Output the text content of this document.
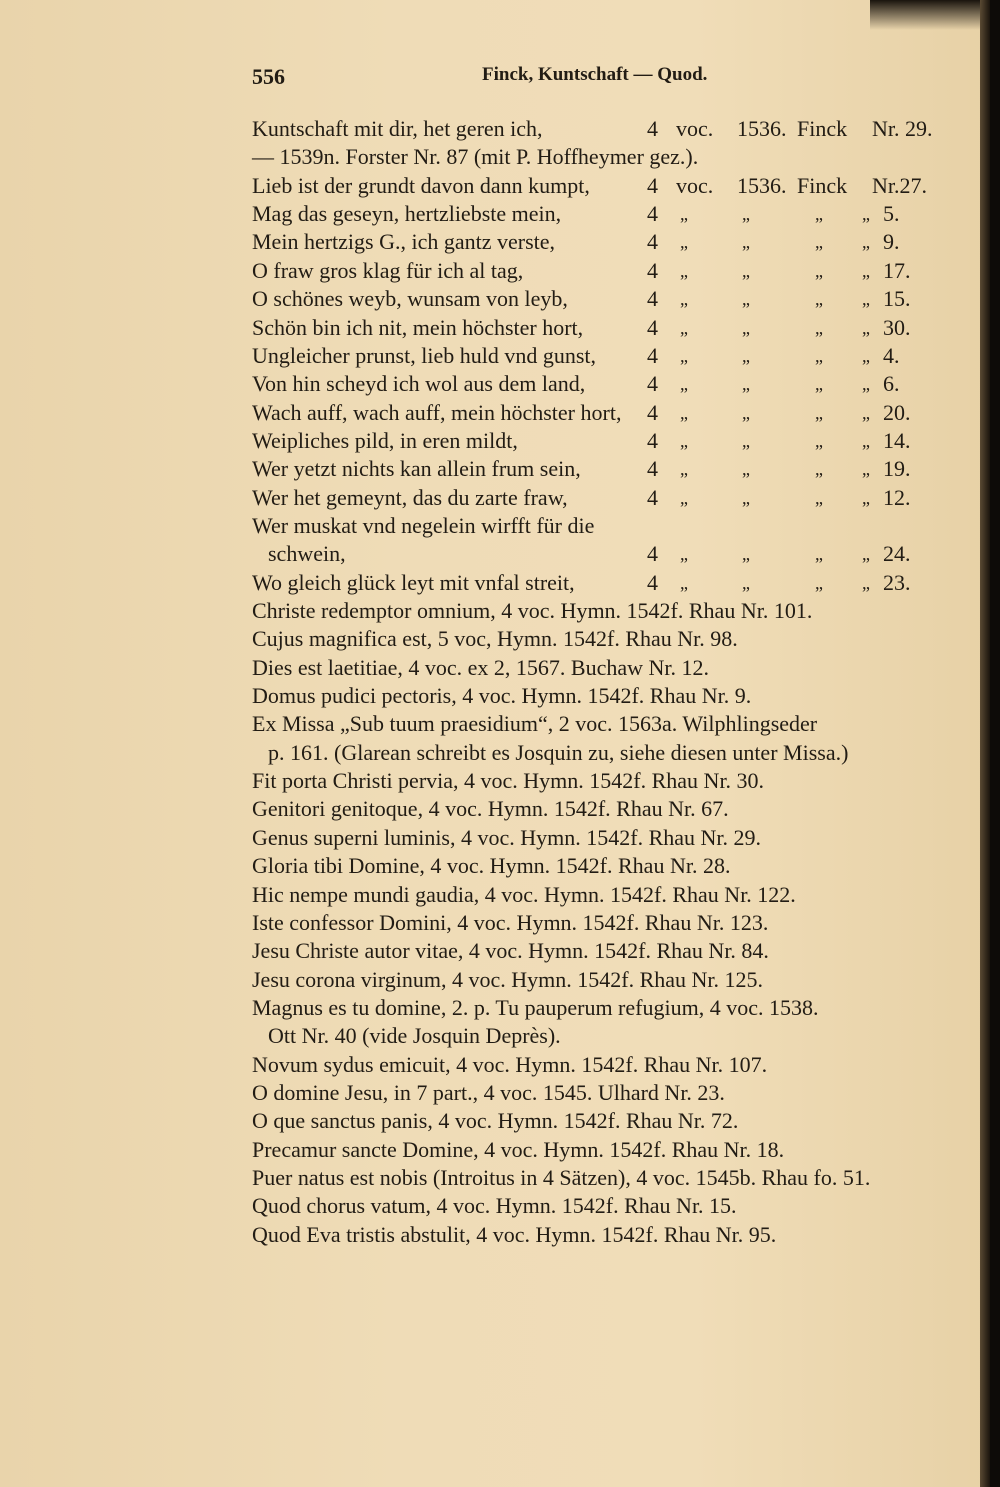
556	Finck, Kuntschaft — Quod.
Kuntschaft mit dir, het geren ich,	4 voc. 1536. Finck Nr. 29.
— 1539n. Forster Nr. 87 (mit P. Hoffheymer gez.).
Lieb ist der grundt davon dann kumpt,	4 voc. 1536. Finck Nr.27.
Mag das geseyn, hertzliebste mein,	4 „	„	„ „ 5.
Mein hertzigs G., ich gantz verste,	4 „	„	„ „ 9.
O fraw gros klag für ich al tag,	4 „	„	„ „ 17.
O schönes weyb, wunsam von leyb,	4 „	„	„ „ 15.
Schön bin ich nit, mein höchster hort,	4 „	„	„ „ 30.
Ungleicher prunst, lieb huld vnd gunst, 4 „	„	„ „ 4.
Von hin scheyd ich wol aus dem land,	4 „	„	„ „ 6.
Wach auff, wach auff, mein höchster hort, 4 „	„	„ „ 20.
Weipliches pild, in eren mildt,	4 „	„	„ „ 14.
Wer yetzt nichts kan allein frum sein,	4 „	„	„ „ 19.
Wer het gemeynt, das du zarte fraw,	4 „	„	„ „ 12.
Wer muskat vnd negelein wirfft für die
schwein,	4 „	„	„ „ 24.
Wo gleich glück leyt mit vnfal streit,	4 „	„	„ „ 23.
Christe redemptor omnium, 4 voc. Hymn. 1542f. Rhau Nr. 101.
Cujus magnifica est, 5 voc, Hymn. 1542f. Rhau Nr. 98.
Dies est laetitiae, 4 voc. ex 2, 1567. Buchaw Nr. 12.
Domus pudici pectoris, 4 voc. Hymn. 1542f. Rhau Nr. 9.
Ex Missa „Sub tuum praesidium“, 2 voc. 1563a. Wilphlingseder
p. 161. (Glarean schreibt es Josquin zu, siehe diesen unter Missa.)
Fit porta Christi pervia, 4 voc. Hymn. 1542f. Rhau Nr. 30.
Genitori genitoque, 4 voc. Hymn. 1542f. Rhau Nr. 67.
Genus superni luminis, 4 voc. Hymn. 1542f. Rhau Nr. 29.
Gloria tibi Domine, 4 voc. Hymn. 1542f. Rhau Nr. 28.
Hic nempe mundi gaudia, 4 voc. Hymn. 1542f. Rhau Nr. 122.
Iste confessor Domini, 4 voc. Hymn. 1542f. Rhau Nr. 123.
Jesu Christe autor vitae, 4 voc. Hymn. 1542f. Rhau Nr. 84.
Jesu corona virginum, 4 voc. Hymn. 1542f. Rhau Nr. 125.
Magnus es tu domine, 2. p. Tu pauperum refugium, 4 voc. 1538.
Ott Nr. 40 (vide Josquin Deprès).
Novum sydus emicuit, 4 voc. Hymn. 1542f. Rhau Nr. 107.
O domine Jesu, in 7 part., 4 voc. 1545. Ulhard Nr. 23.
O que sanctus panis, 4 voc. Hymn. 1542f. Rhau Nr. 72.
Precamur sancte Domine, 4 voc. Hymn. 1542f. Rhau Nr. 18.
Puer natus est nobis (Introitus in 4 Sätzen), 4 voc. 1545b. Rhau fo. 51.
Quod chorus vatum, 4 voc. Hymn. 1542f. Rhau Nr. 15.
Quod Eva tristis abstulit, 4 voc. Hymn. 1542f. Rhau Nr. 95.
